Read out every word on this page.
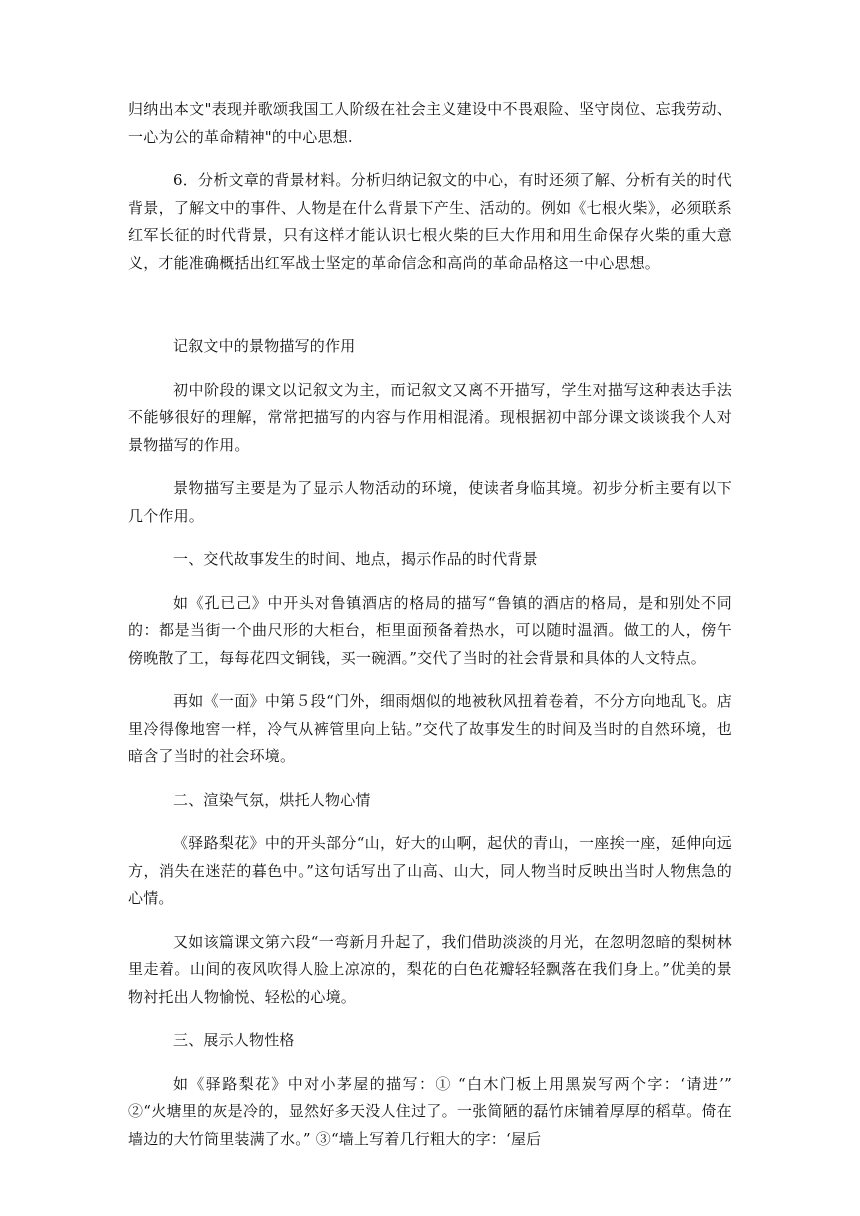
归纳出本文"表现并歌颂我国工人阶级在社会主义建设中不畏艰险、坚守岗位、忘我劳动、一心为公的革命精神"的中心思想.

6．分析文章的背景材料。分析归纳记叙文的中心，有时还须了解、分析有关的时代背景，了解文中的事件、人物是在什么背景下产生、活动的。例如《七根火柴》，必须联系红军长征的时代背景，只有这样才能认识七根火柴的巨大作用和用生命保存火柴的重大意义，才能准确概括出红军战士坚定的革命信念和高尚的革命品格这一中心思想。

记叙文中的景物描写的作用

初中阶段的课文以记叙文为主，而记叙文又离不开描写，学生对描写这种表达手法不能够很好的理解，常常把描写的内容与作用相混淆。现根据初中部分课文谈谈我个人对景物描写的作用。

景物描写主要是为了显示人物活动的环境，使读者身临其境。初步分析主要有以下几个作用。

一、交代故事发生的时间、地点，揭示作品的时代背景

如《孔已己》中开头对鲁镇酒店的格局的描写“鲁镇的酒店的格局，是和别处不同的：都是当街一个曲尺形的大柜台，柜里面预备着热水，可以随时温酒。做工的人，傍午傍晚散了工，每每花四文铜钱，买一碗酒。”交代了当时的社会背景和具体的人文特点。

再如《一面》中第５段“门外，细雨烟似的地被秋风扭着卷着，不分方向地乱飞。店里冷得像地窖一样，冷气从裤管里向上钻。”交代了故事发生的时间及当时的自然环境，也暗含了当时的社会环境。

二、渲染气氛，烘托人物心情

《驿路梨花》中的开头部分“山，好大的山啊，起伏的青山，一座挨一座，延伸向远方，消失在迷茫的暮色中。”这句话写出了山高、山大，同人物当时反映出当时人物焦急的心情。

又如该篇课文第六段“一弯新月升起了，我们借助淡淡的月光，在忽明忽暗的梨树林里走着。山间的夜风吹得人脸上凉凉的，梨花的白色花瓣轻轻飘落在我们身上。”优美的景物衬托出人物愉悦、轻松的心境。

三、展示人物性格

如《驿路梨花》中对小茅屋的描写：① “白木门板上用黑炭写两个字：‘请进’” ②“火塘里的灰是冷的，显然好多天没人住过了。一张简陋的磊竹床铺着厚厚的稻草。倚在墙边的大竹筒里装满了水。” ③“墙上写着几行粗大的字：‘屋后
